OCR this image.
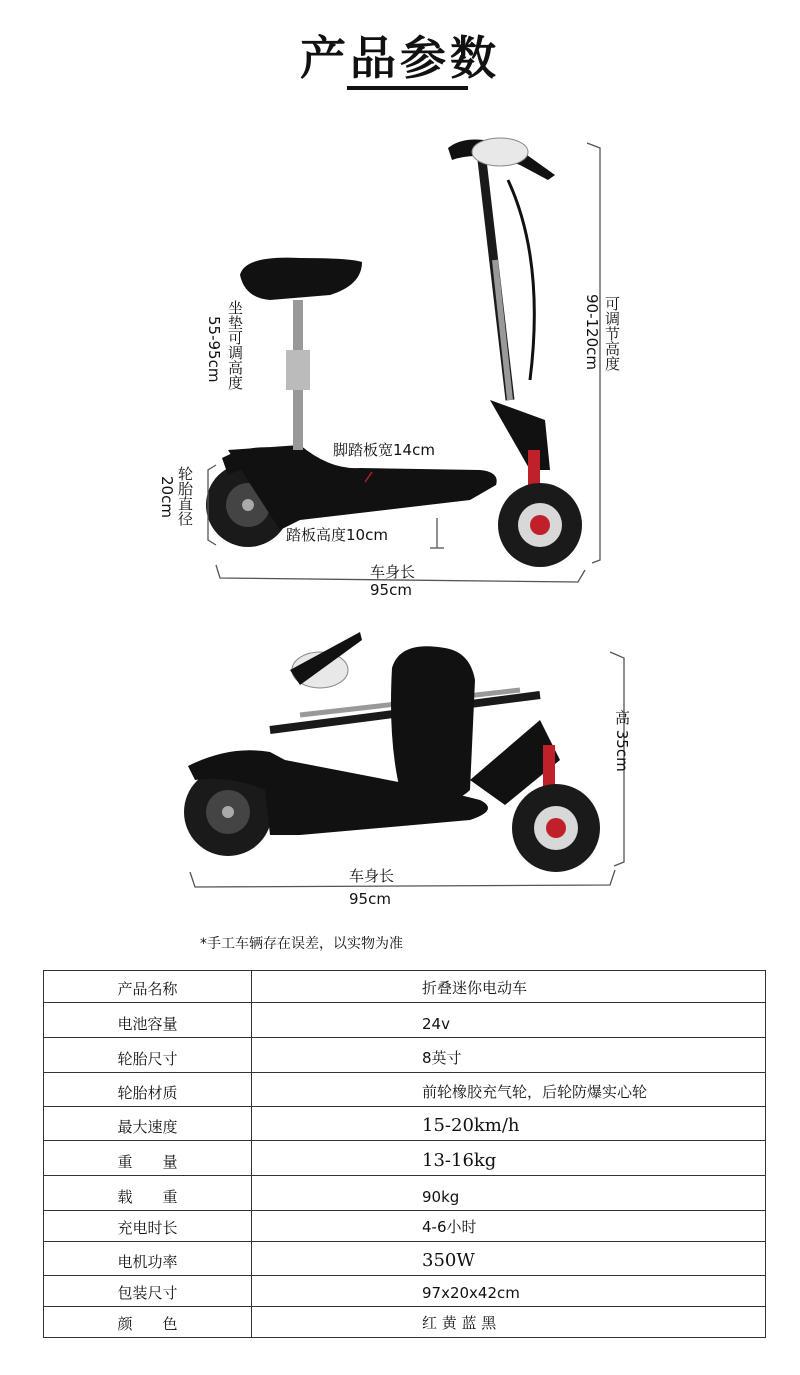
产品参数
坐垫可调高度
55-95cm	可调节高度
90-120cm
脚踏板宽14cm
轮胎直径
20cm
踏板高度10cm
车身长
95cm
高 35cm
车身长
95cm
*手工车辆存在误差，以实物为准
产品名称	折叠迷你电动车
电池容量	24v
轮胎尺寸	8英寸
轮胎材质	前轮橡胶充气轮，后轮防爆实心轮
最大速度	15-20km/h
重　　量	13-16kg
载　　重	90kg
充电时长	4-6小时
电机功率	350W
包装尺寸	97x20x42cm
颜　　色	红 黄 蓝 黑
